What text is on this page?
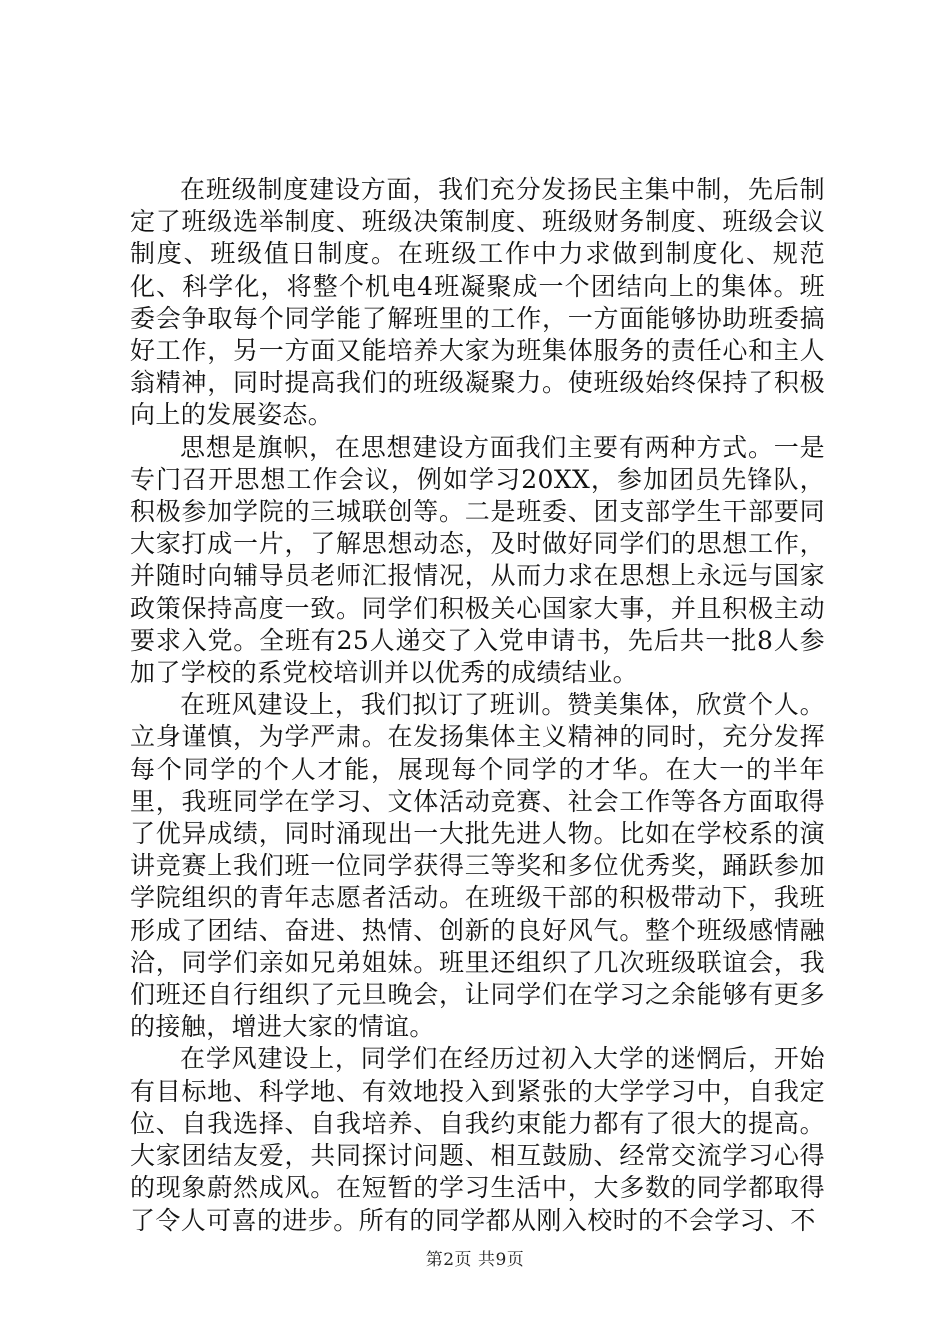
在班级制度建设方面，我们充分发扬民主集中制，先后制定了班级选举制度、班级决策制度、班级财务制度、班级会议制度、班级值日制度。在班级工作中力求做到制度化、规范化、科学化，将整个机电4班凝聚成一个团结向上的集体。班委会争取每个同学能了解班里的工作，一方面能够协助班委搞好工作，另一方面又能培养大家为班集体服务的责任心和主人翁精神，同时提高我们的班级凝聚力。使班级始终保持了积极向上的发展姿态。

思想是旗帜，在思想建设方面我们主要有两种方式。一是专门召开思想工作会议，例如学习20XX，参加团员先锋队，积极参加学院的三城联创等。二是班委、团支部学生干部要同大家打成一片，了解思想动态，及时做好同学们的思想工作，并随时向辅导员老师汇报情况，从而力求在思想上永远与国家政策保持高度一致。同学们积极关心国家大事，并且积极主动要求入党。全班有25人递交了入党申请书，先后共一批8人参加了学校的系党校培训并以优秀的成绩结业。

在班风建设上，我们拟订了班训。赞美集体，欣赏个人。立身谨慎，为学严肃。在发扬集体主义精神的同时，充分发挥每个同学的个人才能，展现每个同学的才华。在大一的半年里，我班同学在学习、文体活动竞赛、社会工作等各方面取得了优异成绩，同时涌现出一大批先进人物。比如在学校系的演讲竞赛上我们班一位同学获得三等奖和多位优秀奖，踊跃参加学院组织的青年志愿者活动。在班级干部的积极带动下，我班形成了团结、奋进、热情、创新的良好风气。整个班级感情融洽，同学们亲如兄弟姐妹。班里还组织了几次班级联谊会，我们班还自行组织了元旦晚会，让同学们在学习之余能够有更多的接触，增进大家的情谊。

在学风建设上，同学们在经历过初入大学的迷惘后，开始有目标地、科学地、有效地投入到紧张的大学学习中，自我定位、自我选择、自我培养、自我约束能力都有了很大的提高。大家团结友爱，共同探讨问题、相互鼓励、经常交流学习心得的现象蔚然成风。在短暂的学习生活中，大多数的同学都取得了令人可喜的进步。所有的同学都从刚入校时的不会学习、不

第2页 共9页
